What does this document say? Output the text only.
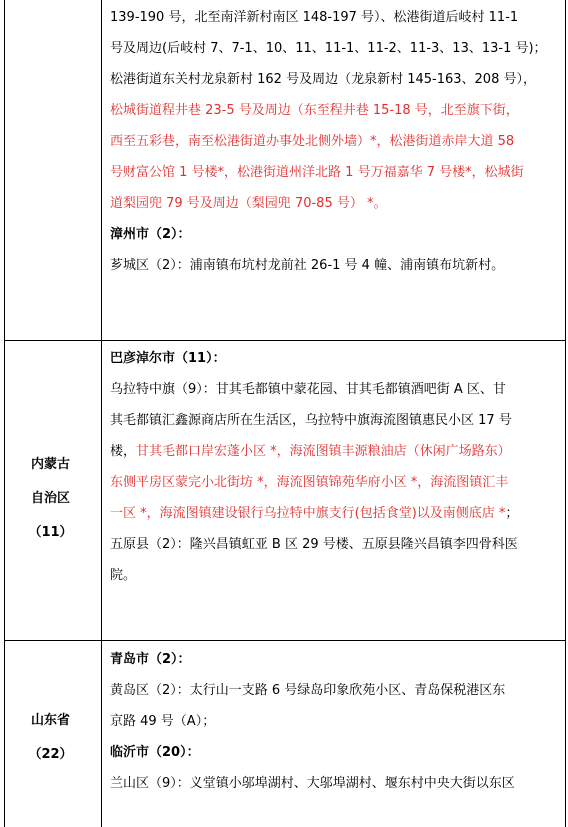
139-190 号，北至南洋新村南区 148-197 号）、松港街道后岐村 11-1
号及周边(后岐村 7、7-1、10、11、11-1、11-2、11-3、13、13-1 号)；
松港街道东关村龙泉新村 162 号及周边（龙泉新村 145-163、208 号），
松城街道程井巷 23-5 号及周边（东至程井巷 15-18 号，北至旗下街，
西至五彩巷，南至松港街道办事处北侧外墙）*，松港街道赤岸大道 58
号财富公馆 1 号楼*，松港街道州洋北路 1 号万福嘉华 7 号楼*，松城街
道梨园兜 79 号及周边（梨园兜 70-85 号） *。
漳州市（2）：
芗城区（2）：浦南镇布坑村龙前社 26-1 号 4 幢、浦南镇布坑新村。
内蒙古
自治区
（11）
巴彦淖尔市（11）：
乌拉特中旗（9）：甘其毛都镇中蒙花园、甘其毛都镇酒吧街 A 区、甘
其毛都镇汇鑫源商店所在生活区，乌拉特中旗海流图镇惠民小区 17 号
楼，甘其毛都口岸宏蓬小区 *，海流图镇丰源粮油店（休闲广场路东）
东侧平房区蒙完小北街坊 *，海流图镇锦苑华府小区 *，海流图镇汇丰
一区 *，海流图镇建设银行乌拉特中旗支行(包括食堂)以及南侧底店 *；
五原县（2）：隆兴昌镇虹亚 B 区 29 号楼、五原县隆兴昌镇李四骨科医
院。
山东省
（22）
青岛市（2）：
黄岛区（2）：太行山一支路 6 号绿岛印象欣苑小区、青岛保税港区东
京路 49 号（A）；
临沂市（20）：
兰山区（9）：义堂镇小邬埠湖村、大邬埠湖村、堰东村中央大街以东区
